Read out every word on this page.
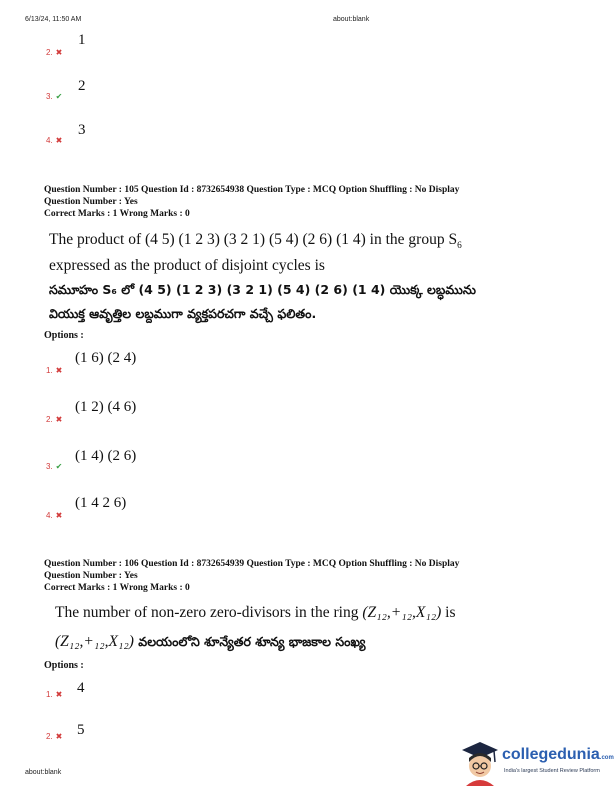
6/13/24, 11:50 AM	about:blank
1
2. ✖
2
3. ✔
3
4. ✖
Question Number : 105 Question Id : 8732654938 Question Type : MCQ Option Shuffling : No Display
Question Number : Yes
Correct Marks : 1 Wrong Marks : 0
The product of (4 5) (1 2 3) (3 2 1) (5 4) (2 6) (1 4) in the group $S_6$
expressed as the product of disjoint cycles is
సమూహం S₆ లో (4 5) (1 2 3) (3 2 1) (5 4) (2 6) (1 4) యొక్క లబ్ధమును
వియుక్త ఆవృత్తిల లబ్దముగా వ్యక్తపరచగా వచ్చే ఫలితం.
Options :
(1 6) (2 4)
1. ✖
(1 2) (4 6)
2. ✖
(1 4) (2 6)
3. ✔
(1 4 2 6)
4. ✖
Question Number : 106 Question Id : 8732654939 Question Type : MCQ Option Shuffling : No Display
Question Number : Yes
Correct Marks : 1 Wrong Marks : 0
The number of non-zero zero-divisors in the ring (Z₁₂,+₁₂,X₁₂) is
(Z₁₂,+₁₂,X₁₂) వలయంలోని శూన్యేతర శూన్య భాజకాల సంఖ్య
Options :
4
1. ✖
5
2. ✖
about:blank
collegedunia.com
India's largest Student Review Platform
